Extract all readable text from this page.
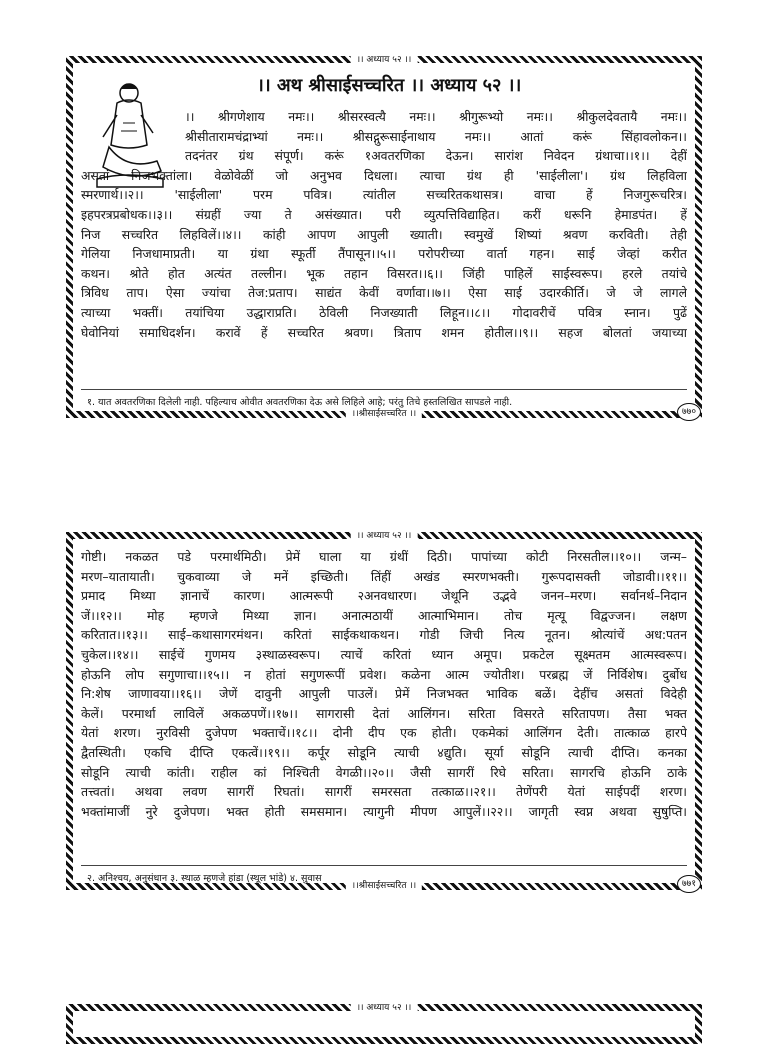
।। अध्याय ५२ ।।
।। अथ श्रीसाईसच्चरित ।। अध्याय ५२ ।।
।। श्रीगणेशाय नमः।। श्रीसरस्वत्यै नमः।। श्रीगुरूभ्यो नमः।। श्रीकुलदेवतायै नमः।।
श्रीसीतारामचंद्राभ्यां नमः।। श्रीसद्गुरूसाईनाथाय नमः।। आतां करूं सिंहावलोकन।।
तदनंतर ग्रंथ संपूर्ण। करूं १अवतरणिका देऊन। सारांश निवेदन ग्रंथाचा।।१।। देहीं
असतां निजभक्तांला। वेळोवेळीं जो अनुभव दिधला। त्याचा ग्रंथ ही 'साईलीला'। ग्रंथ लिहविला
स्मरणार्थ।।२।। 'साईलीला' परम पवित्र। त्यांतील सच्चरितकथासत्र। वाचा हें निजगुरूचरित्र।
इहपरत्रप्रबोधक।।३।। संग्रहीं ज्या ते असंख्यात। परी व्युत्पत्तिविद्याहित। करीं धरूनि हेमाडपंत। हें
निज सच्चरित लिहविलें।।४।। कांही आपण आपुली ख्याती। स्वमुखें शिष्यां श्रवण करविती। तेही
गेलिया निजधामाप्रती। या ग्रंथा स्फूर्ती तैंपासून।।५।। परोपरीच्या वार्ता गहन। साई जेव्हां करीत
कथन। श्रोते होत अत्यंत तल्लीन। भूक तहान विसरत।।६।। जिंही पाहिलें साईस्वरूप। हरले तयांचे
त्रिविध ताप। ऐसा ज्यांचा तेज:प्रताप। साद्यंत केवीं वर्णावा।।७।। ऐसा साई उदारकीर्ति। जे जे लागले
त्याच्या भक्तीं। तयांचिया उद्धाराप्रति। ठेविली निजख्याती लिहून।।८।। गोदावरीचें पवित्र स्नान। पुढें
घेवोनियां समाधिदर्शन। करावें हें सच्चरित श्रवण। त्रिताप शमन होतील।।९।। सहज बोलतां जयाच्या
१. यात अवतरणिका दिलेली नाही. पहिल्याच ओवीत अवतरणिका देऊ असे लिहिले आहे; परंतु तिचे हस्तलिखित सापडले नाही.
।।श्रीसाईसच्चरित ।।	७७०
।। अध्याय ५२ ।।
गोष्टी। नकळत पडे परमार्थमिठी। प्रेमें घाला या ग्रंथीं दिठी। पापांच्या कोटी निरसतील।।१०।। जन्म–
मरण–यातायाती। चुकवाव्या जे मनें इच्छिती। तिंहीं अखंड स्मरणभक्ती। गुरूपदासक्ती जोडावी।।११।।
प्रमाद मिथ्या ज्ञानाचें कारण। आत्मरूपी २अनवधारण। जेथूनि उद्भवे जनन–मरण। सर्वानर्थ–निदान
जें।।१२।। मोह म्हणजे मिथ्या ज्ञान। अनात्मठायीं आत्माभिमान। तोच मृत्यू विद्वज्जन। लक्षण
करितात।।१३।। साई–कथासागरमंथन। करितां साईकथाकथन। गोडी जिची नित्य नूतन। श्रोत्यांचें अध:पतन
चुकेल।।१४।। साईचें गुणमय ३स्थाळस्वरूप। त्याचें करितां ध्यान अमूप। प्रकटेल सूक्ष्मतम आत्मस्वरूप।
होऊनि लोप सगुणाचा।।१५।। न होतां सगुणरूपीं प्रवेश। कळेना आत्म ज्योतीश। परब्रह्म जें निर्विशेष। दुर्बोध
नि:शेष जाणावया।।१६।। जेणें दावुनी आपुली पाउलें। प्रेमें निजभक्त भाविक बळें। देहींच असतां विदेही
केलें। परमार्था लाविलें अकळपणें।।१७।। सागरासी देतां आलिंगन। सरिता विसरते सरितापण। तैसा भक्त
येतां शरण। नुरविसी दुजेपण भक्ताचें।।१८।। दोनी दीप एक होती। एकमेकां आलिंगन देती। तात्काळ हारपे
द्वैतस्थिती। एकचि दीप्ति एकत्वें।।१९।। कर्पूर सोडूनि त्याची ४द्युति। सूर्या सोडूनि त्याची दीप्ति। कनका
सोडूनि त्याची कांती। राहील कां निश्चिती वेगळी।।२०।। जैसी सागरीं रिघे सरिता। सागरचि होऊनि ठाके
तत्त्वतां। अथवा लवण सागरीं रिघतां। सागरीं समरसता तत्काळ।।२१।। तेणेंपरी येतां साईपदीं शरण।
भक्तांमाजीं नुरे दुजेपण। भक्त होती समसमान। त्यागुनी मीपण आपुलें।।२२।। जागृती स्वप्न अथवा सुषुप्ति।
२. अनिश्चय, अनुसंधान ३. स्थाळ म्हणजे हांडा (स्थूल भांडे) ४. सुवास
।।श्रीसाईसच्चरित ।।	७७१
।। अध्याय ५२ ।।
